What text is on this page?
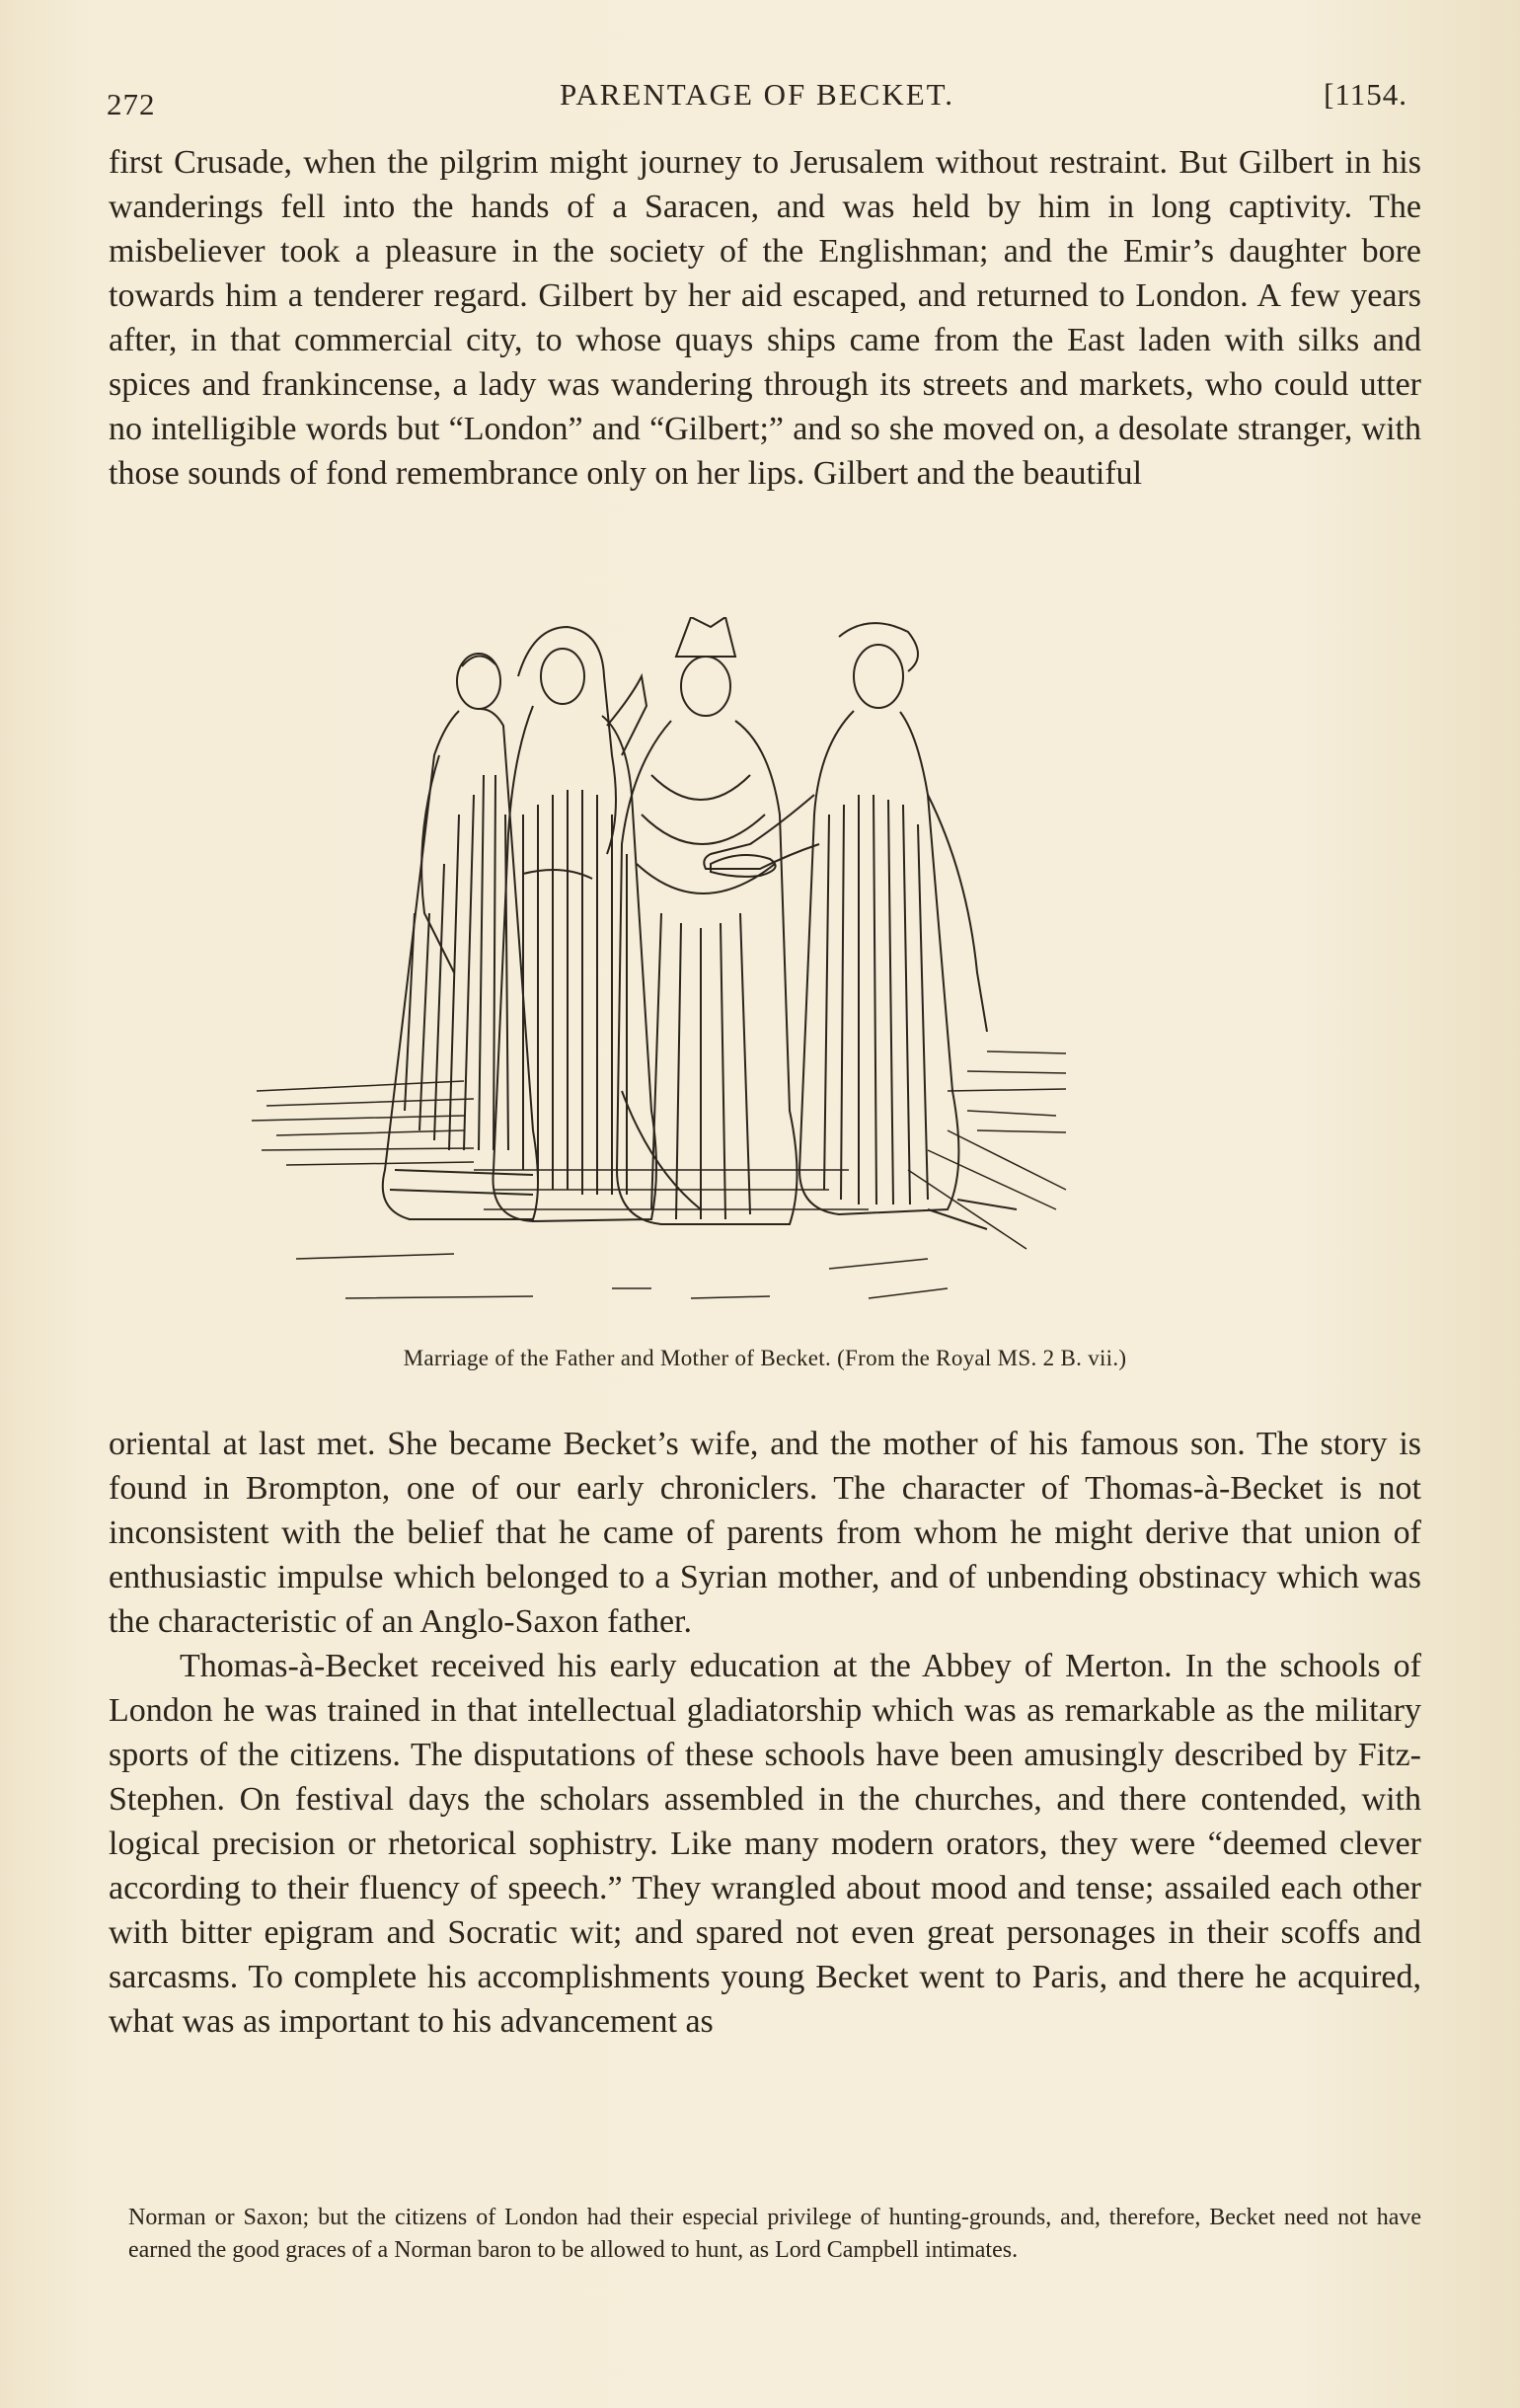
272	PARENTAGE OF BECKET.	[1154.

first Crusade, when the pilgrim might journey to Jerusalem without restraint. But Gilbert in his wanderings fell into the hands of a Saracen, and was held by him in long captivity. The misbeliever took a pleasure in the society of the Englishman; and the Emir’s daughter bore towards him a tenderer regard. Gilbert by her aid escaped, and returned to London. A few years after, in that commercial city, to whose quays ships came from the East laden with silks and spices and frankincense, a lady was wandering through its streets and markets, who could utter no intelligible words but “London” and “Gilbert;” and so she moved on, a desolate stranger, with those sounds of fond remembrance only on her lips. Gilbert and the beautiful

Marriage of the Father and Mother of Becket. (From the Royal MS. 2 B. vii.)

oriental at last met. She became Becket’s wife, and the mother of his famous son. The story is found in Brompton, one of our early chroniclers. The character of Thomas-à-Becket is not inconsistent with the belief that he came of parents from whom he might derive that union of enthusiastic impulse which belonged to a Syrian mother, and of unbending obstinacy which was the characteristic of an Anglo-Saxon father.

Thomas-à-Becket received his early education at the Abbey of Merton. In the schools of London he was trained in that intellectual gladiatorship which was as remarkable as the military sports of the citizens. The disputations of these schools have been amusingly described by Fitz-Stephen. On festival days the scholars assembled in the churches, and there contended, with logical precision or rhetorical sophistry. Like many modern orators, they were “deemed clever according to their fluency of speech.” They wrangled about mood and tense; assailed each other with bitter epigram and Socratic wit; and spared not even great personages in their scoffs and sarcasms. To complete his accomplishments young Becket went to Paris, and there he acquired, what was as important to his advancement as

Norman or Saxon; but the citizens of London had their especial privilege of hunting-grounds, and, therefore, Becket need not have earned the good graces of a Norman baron to be allowed to hunt, as Lord Campbell intimates.
